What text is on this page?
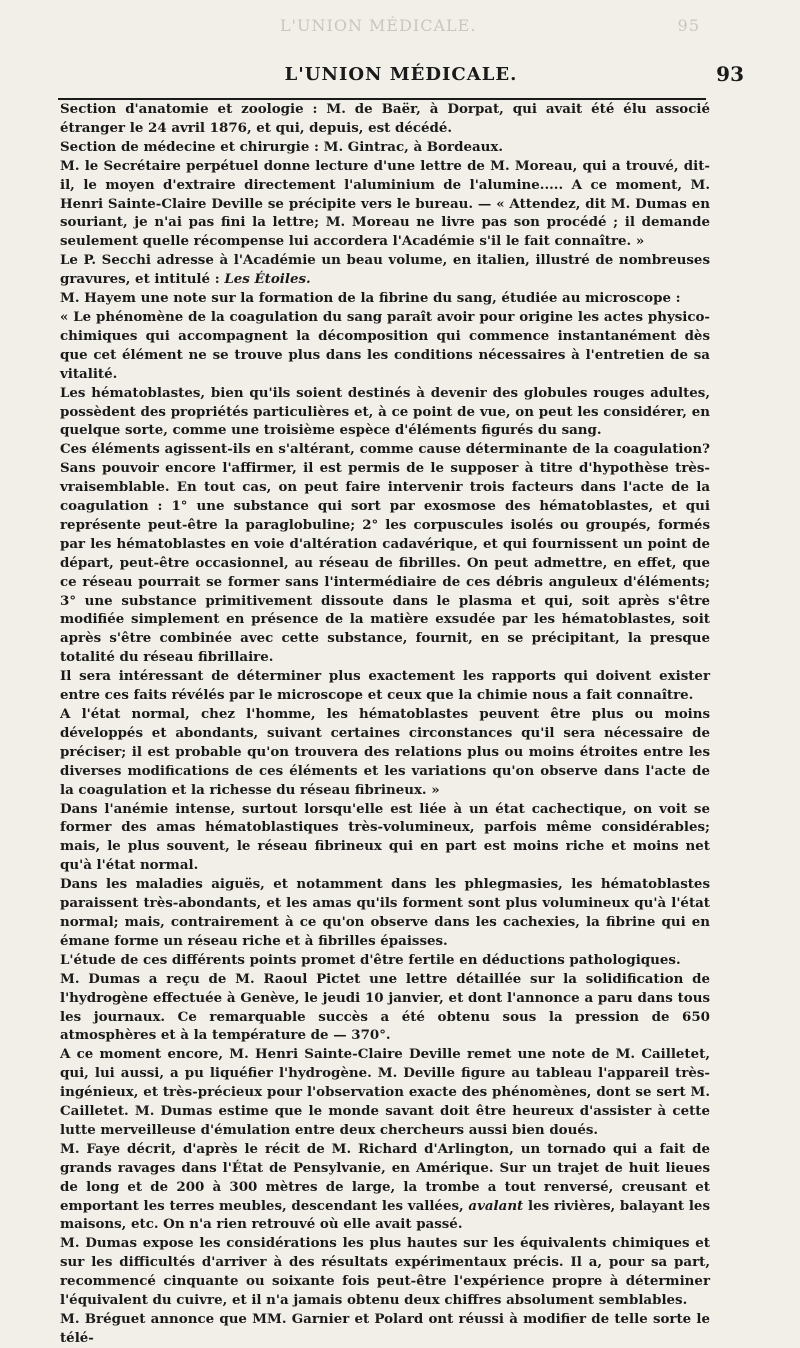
L'UNION MÉDICALE.	95
L'UNION MÉDICALE.	93

Section d'anatomie et zoologie : M. de Baër, à Dorpat, qui avait été élu associé étranger le 24 avril 1876, et qui, depuis, est décédé.

Section de médecine et chirurgie : M. Gintrac, à Bordeaux.

M. le Secrétaire perpétuel donne lecture d'une lettre de M. Moreau, qui a trouvé, dit-il, le moyen d'extraire directement l'aluminium de l'alumine..... A ce moment, M. Henri Sainte-Claire Deville se précipite vers le bureau. — « Attendez, dit M. Dumas en souriant, je n'ai pas fini la lettre; M. Moreau ne livre pas son procédé ; il demande seulement quelle récompense lui accordera l'Académie s'il le fait connaître. »

Le P. Secchi adresse à l'Académie un beau volume, en italien, illustré de nombreuses gravures, et intitulé : Les Étoiles.

M. Hayem une note sur la formation de la fibrine du sang, étudiée au microscope :

« Le phénomène de la coagulation du sang paraît avoir pour origine les actes physico-chimiques qui accompagnent la décomposition qui commence instantanément dès que cet élément ne se trouve plus dans les conditions nécessaires à l'entretien de sa vitalité.

Les hématoblastes, bien qu'ils soient destinés à devenir des globules rouges adultes, possèdent des propriétés particulières et, à ce point de vue, on peut les considérer, en quelque sorte, comme une troisième espèce d'éléments figurés du sang.

Ces éléments agissent-ils en s'altérant, comme cause déterminante de la coagulation? Sans pouvoir encore l'affirmer, il est permis de le supposer à titre d'hypothèse très-vraisemblable. En tout cas, on peut faire intervenir trois facteurs dans l'acte de la coagulation : 1° une substance qui sort par exosmose des hématoblastes, et qui représente peut-être la paraglobuline; 2° les corpuscules isolés ou groupés, formés par les hématoblastes en voie d'altération cadavérique, et qui fournissent un point de départ, peut-être occasionnel, au réseau de fibrilles. On peut admettre, en effet, que ce réseau pourrait se former sans l'intermédiaire de ces débris anguleux d'éléments; 3° une substance primitivement dissoute dans le plasma et qui, soit après s'être modifiée simplement en présence de la matière exsudée par les hématoblastes, soit après s'être combinée avec cette substance, fournit, en se précipitant, la presque totalité du réseau fibrillaire.

Il sera intéressant de déterminer plus exactement les rapports qui doivent exister entre ces faits révélés par le microscope et ceux que la chimie nous a fait connaître.

A l'état normal, chez l'homme, les hématoblastes peuvent être plus ou moins développés et abondants, suivant certaines circonstances qu'il sera nécessaire de préciser; il est probable qu'on trouvera des relations plus ou moins étroites entre les diverses modifications de ces éléments et les variations qu'on observe dans l'acte de la coagulation et la richesse du réseau fibrineux. »

Dans l'anémie intense, surtout lorsqu'elle est liée à un état cachectique, on voit se former des amas hématoblastiques très-volumineux, parfois même considérables; mais, le plus souvent, le réseau fibrineux qui en part est moins riche et moins net qu'à l'état normal.

Dans les maladies aiguës, et notamment dans les phlegmasies, les hématoblastes paraissent très-abondants, et les amas qu'ils forment sont plus volumineux qu'à l'état normal; mais, contrairement à ce qu'on observe dans les cachexies, la fibrine qui en émane forme un réseau riche et à fibrilles épaisses.

L'étude de ces différents points promet d'être fertile en déductions pathologiques.

M. Dumas a reçu de M. Raoul Pictet une lettre détaillée sur la solidification de l'hydrogène effectuée à Genève, le jeudi 10 janvier, et dont l'annonce a paru dans tous les journaux. Ce remarquable succès a été obtenu sous la pression de 650 atmosphères et à la température de — 370°.

A ce moment encore, M. Henri Sainte-Claire Deville remet une note de M. Cailletet, qui, lui aussi, a pu liquéfier l'hydrogène. M. Deville figure au tableau l'appareil très-ingénieux, et très-précieux pour l'observation exacte des phénomènes, dont se sert M. Cailletet. M. Dumas estime que le monde savant doit être heureux d'assister à cette lutte merveilleuse d'émulation entre deux chercheurs aussi bien doués.

M. Faye décrit, d'après le récit de M. Richard d'Arlington, un tornado qui a fait de grands ravages dans l'État de Pensylvanie, en Amérique. Sur un trajet de huit lieues de long et de 200 à 300 mètres de large, la trombe a tout renversé, creusant et emportant les terres meubles, descendant les vallées, avalant les rivières, balayant les maisons, etc. On n'a rien retrouvé où elle avait passé.

M. Dumas expose les considérations les plus hautes sur les équivalents chimiques et sur les difficultés d'arriver à des résultats expérimentaux précis. Il a, pour sa part, recommencé cinquante ou soixante fois peut-être l'expérience propre à déterminer l'équivalent du cuivre, et il n'a jamais obtenu deux chiffres absolument semblables.

M. Bréguet annonce que MM. Garnier et Polard ont réussi à modifier de telle sorte le télé-
